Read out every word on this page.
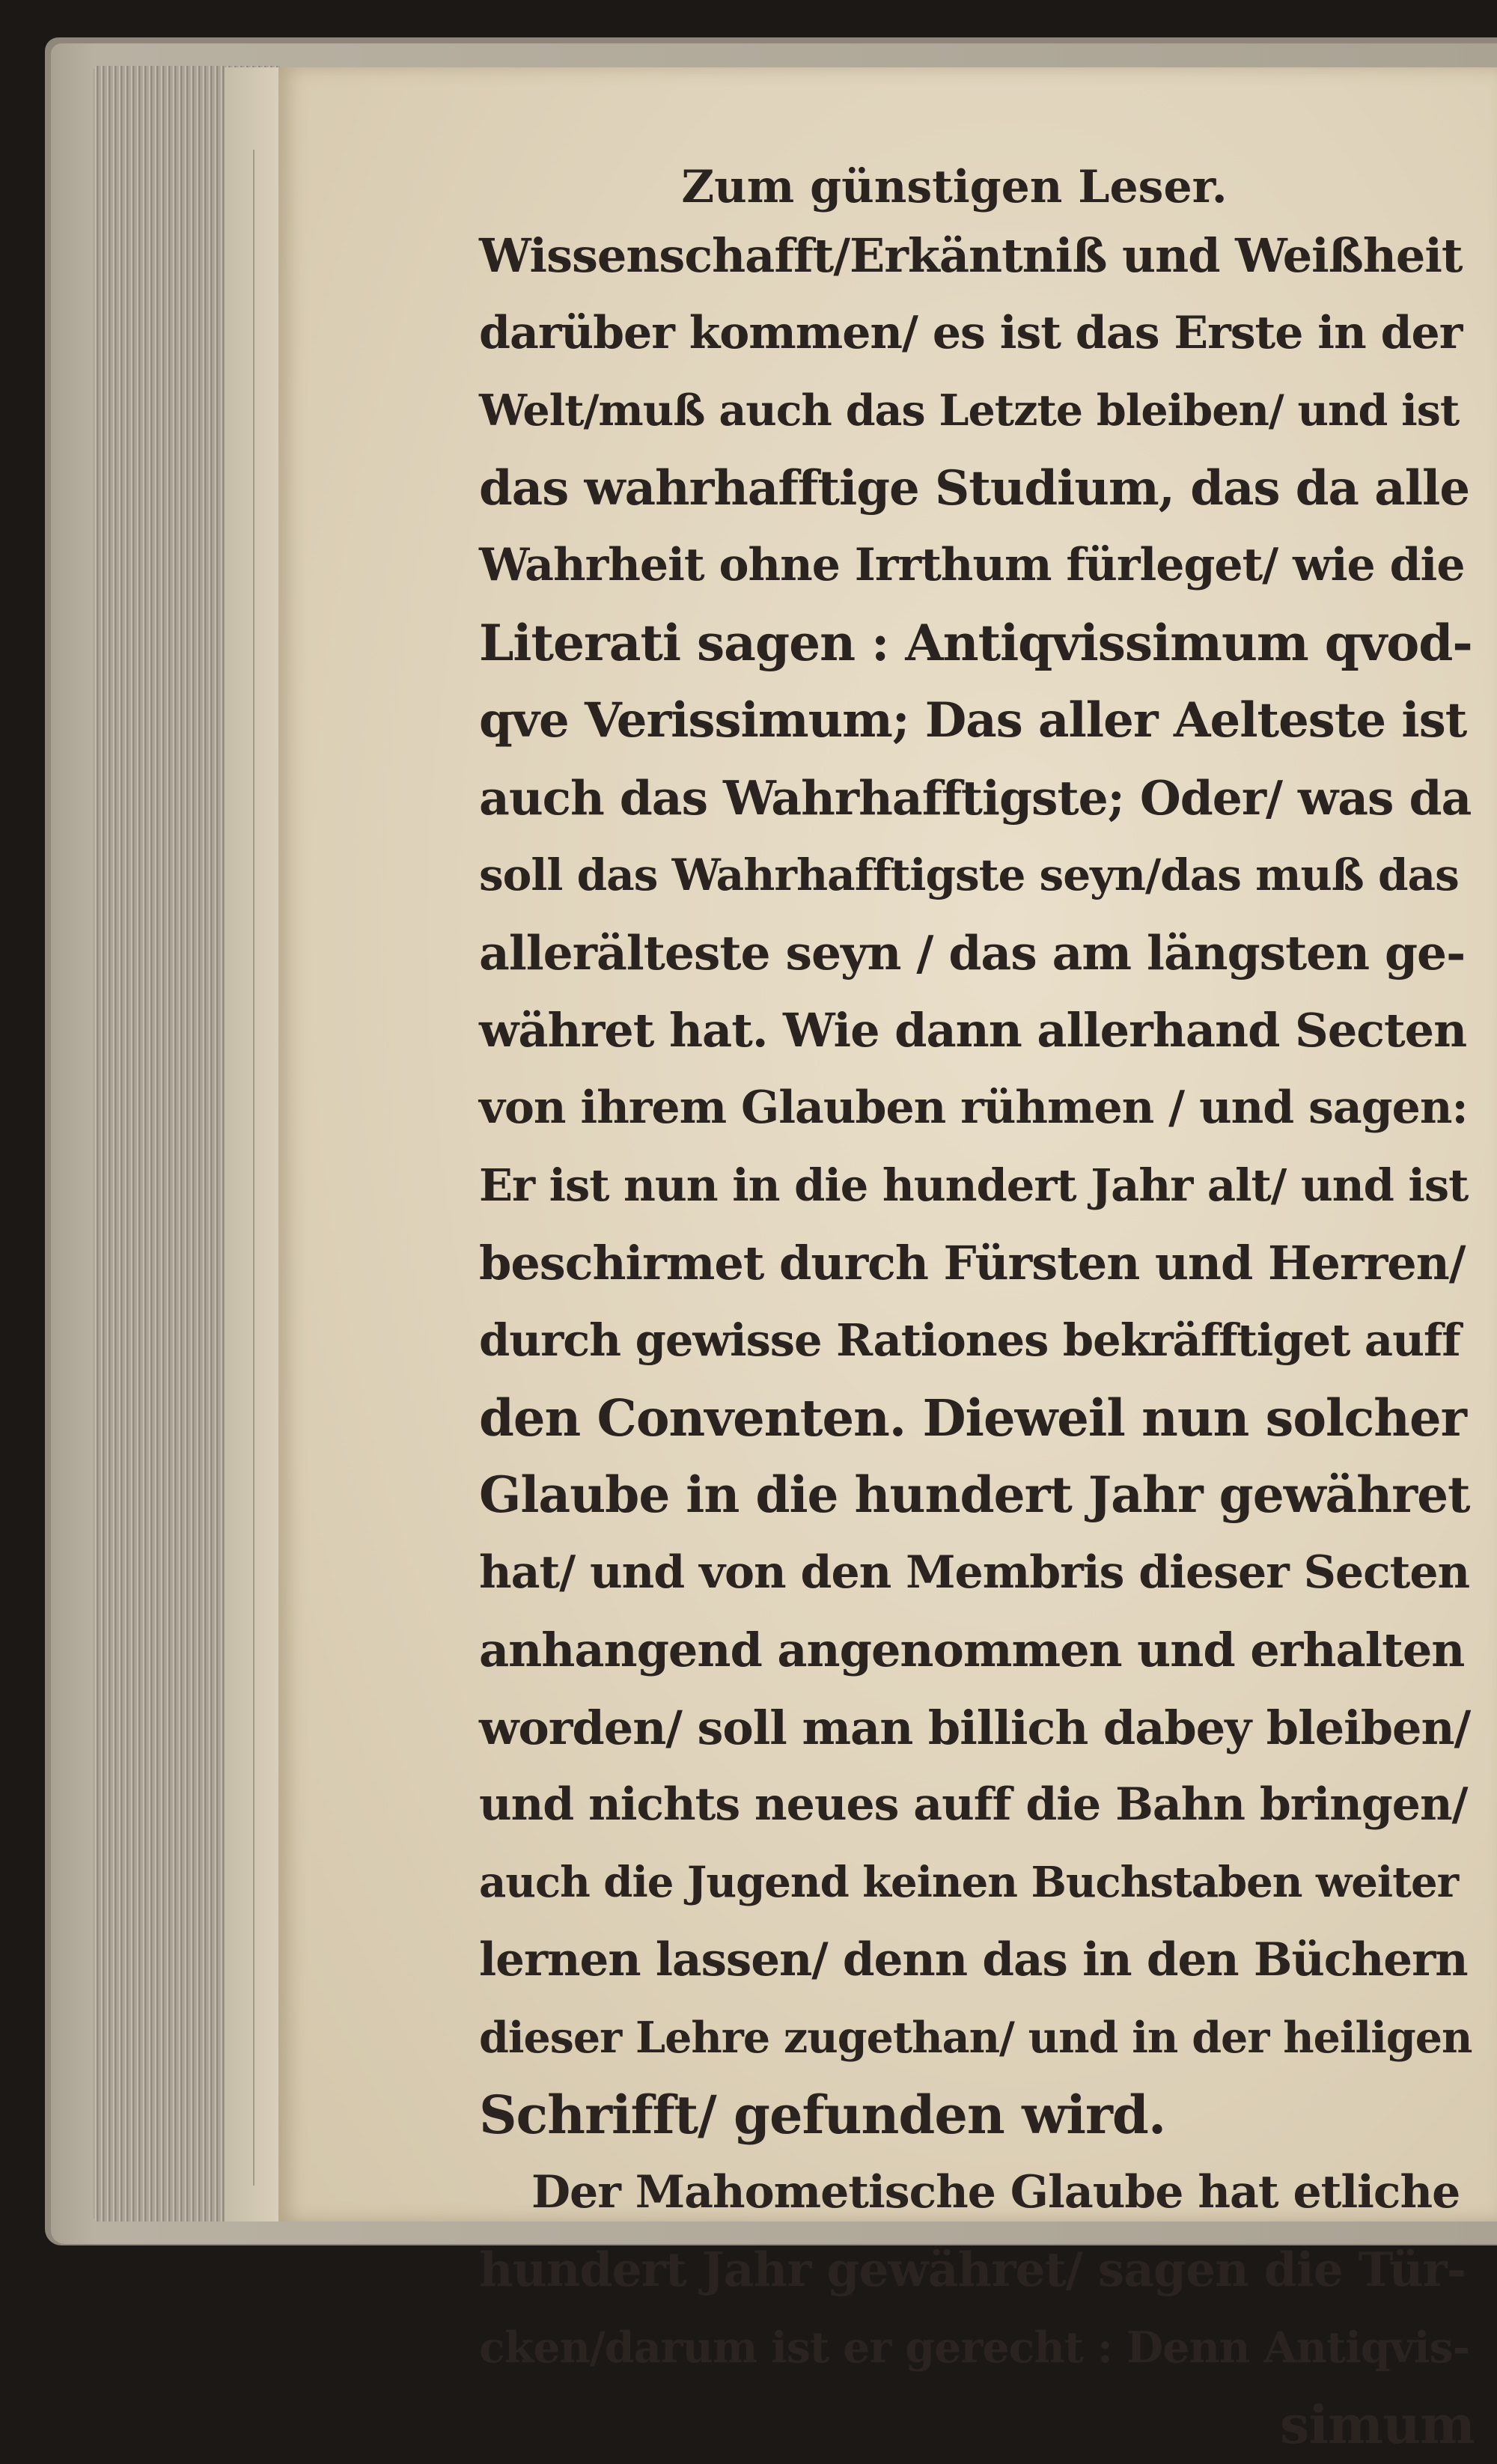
Zum günstigen Leser.
Wissenschafft/Erkäntniß und Weißheit
darüber kommen/ es ist das Erste in der
Welt/muß auch das Letzte bleiben/ und ist
das wahrhafftige Studium, das da alle
Wahrheit ohne Irrthum fürleget/ wie die
Literati sagen : Antiqvissimum qvod-
qve Verissimum; Das aller Aelteste ist
auch das Wahrhafftigste; Oder/ was da
soll das Wahrhafftigste seyn/das muß das
allerälteste seyn / das am längsten ge-
währet hat. Wie dann allerhand Secten
von ihrem Glauben rühmen / und sagen:
Er ist nun in die hundert Jahr alt/ und ist
beschirmet durch Fürsten und Herren/
durch gewisse Rationes bekräfftiget auff
den Conventen. Dieweil nun solcher
Glaube in die hundert Jahr gewähret
hat/ und von den Membris dieser Secten
anhangend angenommen und erhalten
worden/ soll man billich dabey bleiben/
und nichts neues auff die Bahn bringen/
auch die Jugend keinen Buchstaben weiter
lernen lassen/ denn das in den Büchern
dieser Lehre zugethan/ und in der heiligen
Schrifft/ gefunden wird.
Der Mahometische Glaube hat etliche
hundert Jahr gewähret/ sagen die Tür-
cken/darum ist er gerecht : Denn Antiqvis-
simum
